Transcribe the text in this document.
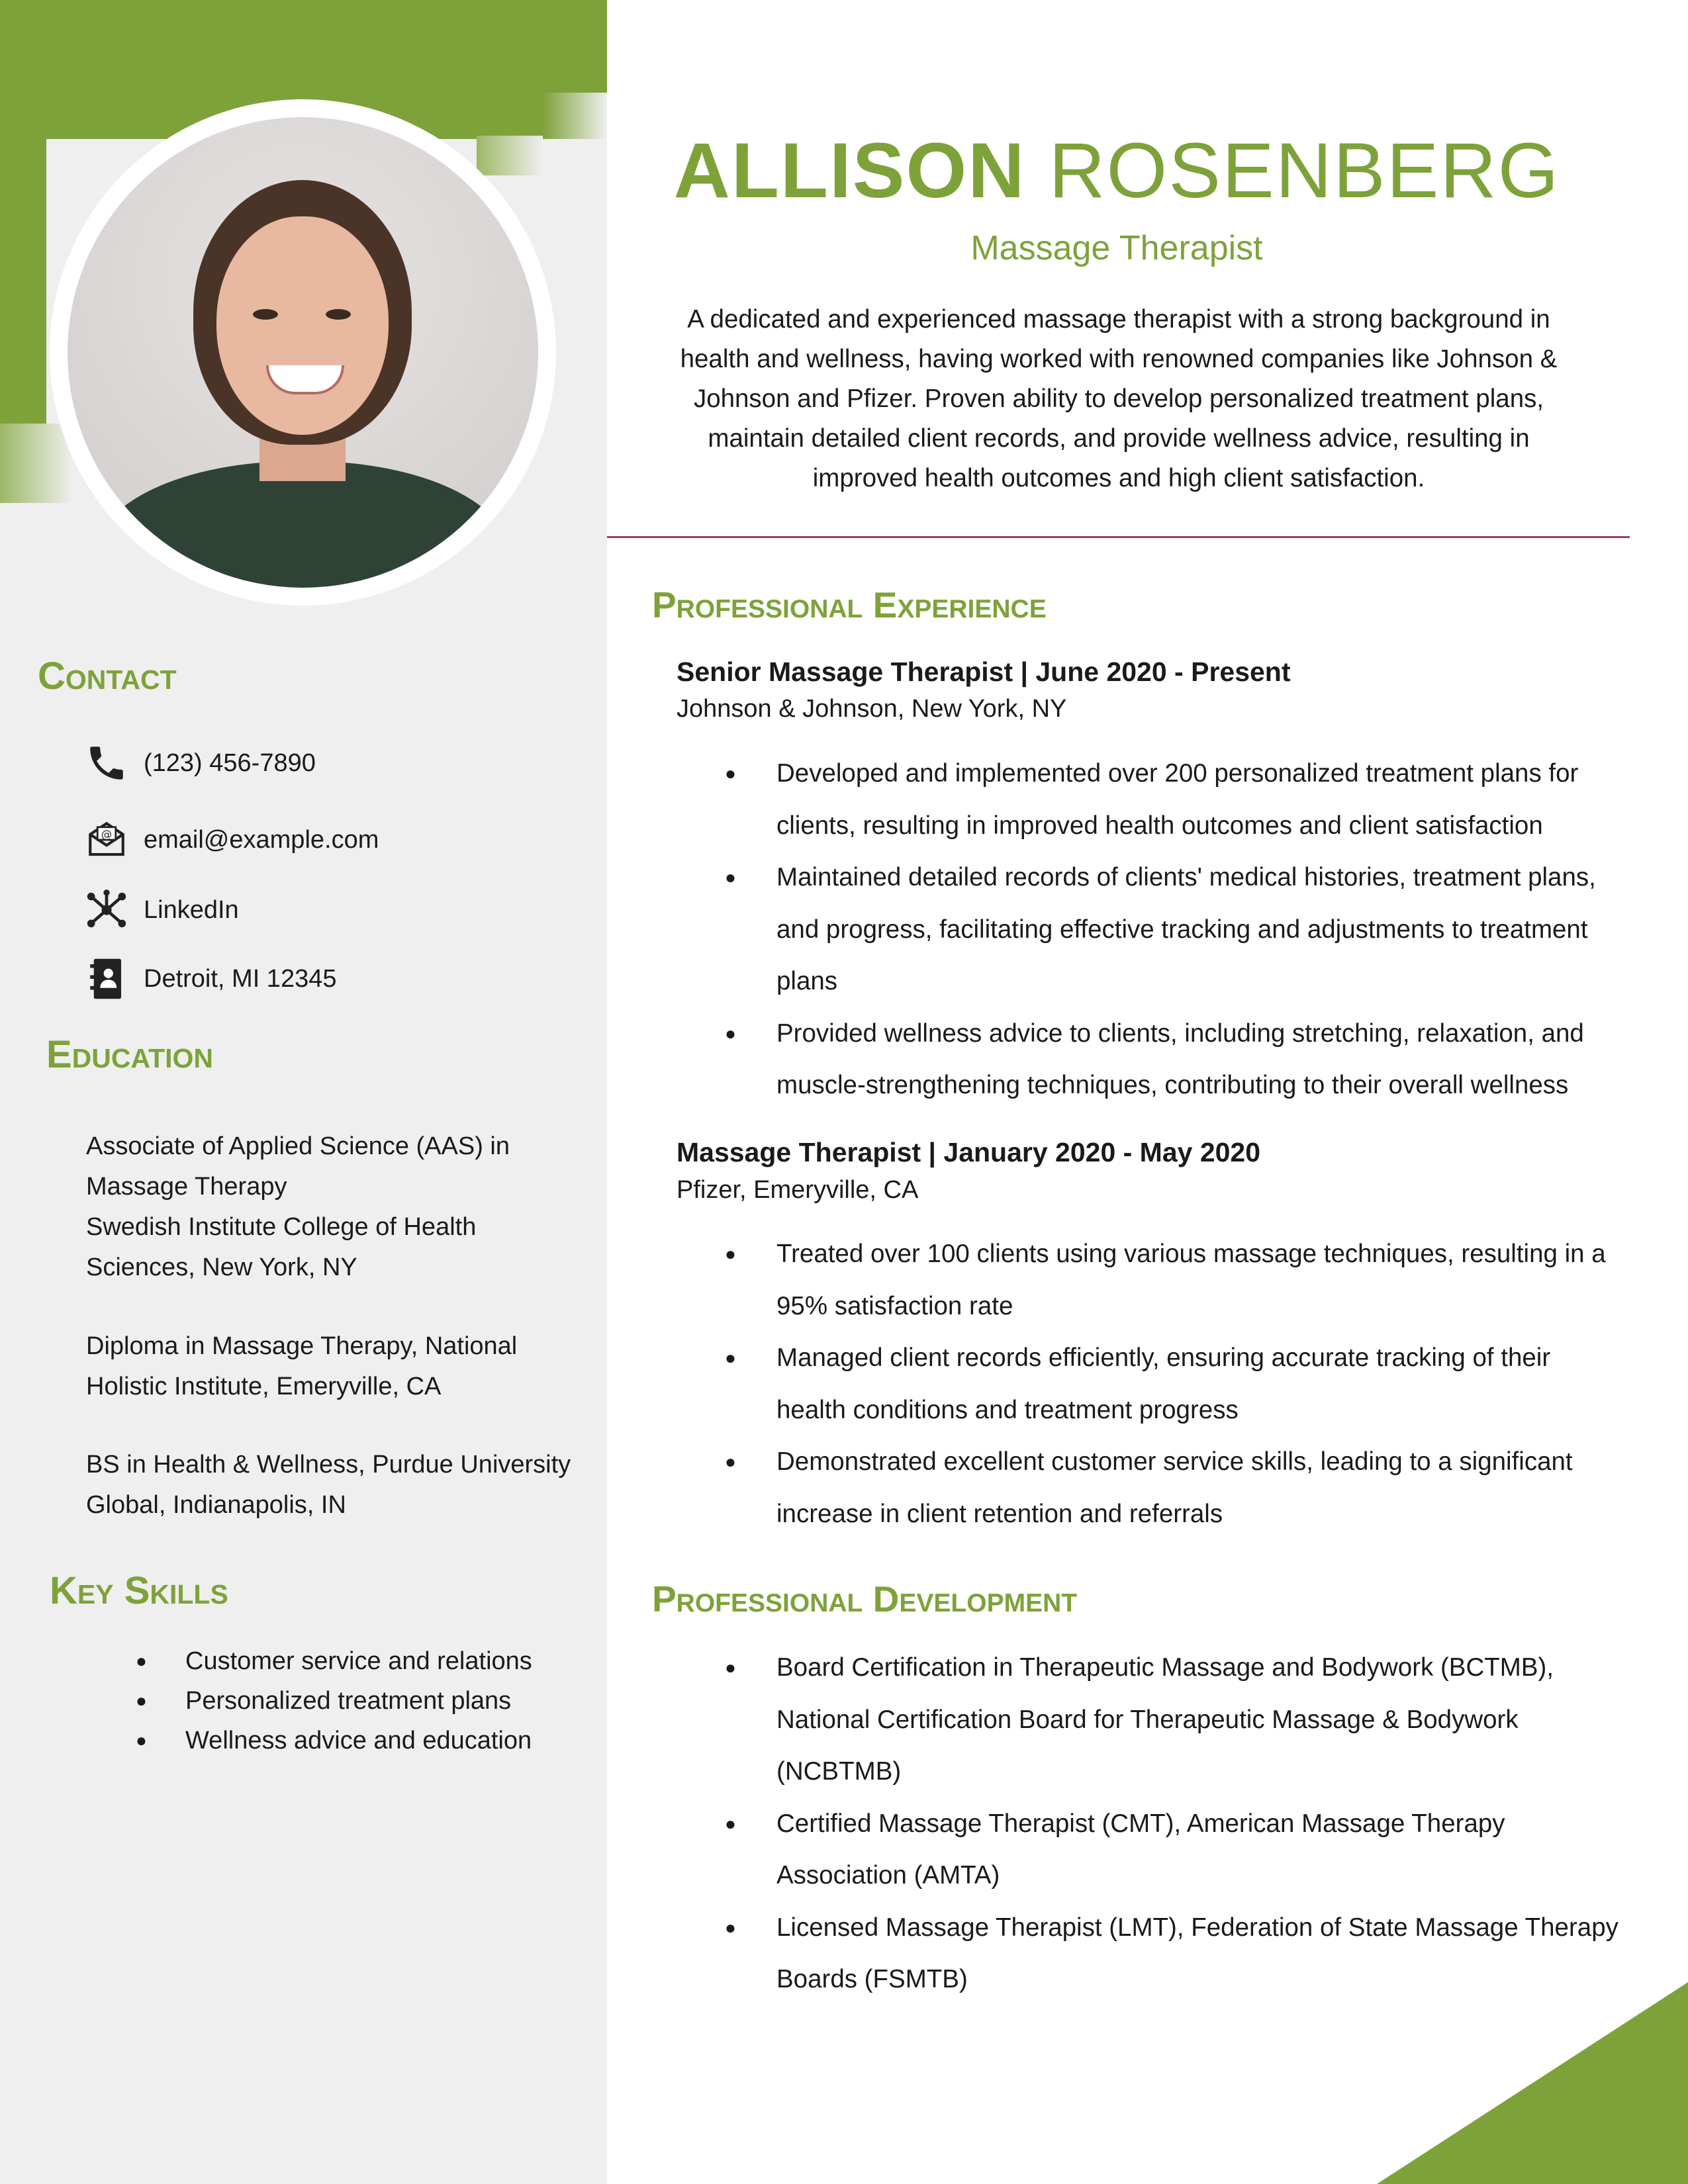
Contact
(123) 456-7890
@ email@example.com
LinkedIn
Detroit, MI 12345
Education
Associate of Applied Science (AAS) in
Massage Therapy
Swedish Institute College of Health
Sciences, New York, NY
Diploma in Massage Therapy, National
Holistic Institute, Emeryville, CA
BS in Health & Wellness, Purdue University
Global, Indianapolis, IN
Key Skills
● Customer service and relations
● Personalized treatment plans
● Wellness advice and education
ALLISON ROSENBERG
Massage Therapist
A dedicated and experienced massage therapist with a strong background in health and wellness, having worked with renowned companies like Johnson & Johnson and Pfizer. Proven ability to develop personalized treatment plans, maintain detailed client records, and provide wellness advice, resulting in improved health outcomes and high client satisfaction.
Professional Experience
Senior Massage Therapist | June 2020 - Present
Johnson & Johnson, New York, NY
● Developed and implemented over 200 personalized treatment plans for clients, resulting in improved health outcomes and client satisfaction
● Maintained detailed records of clients' medical histories, treatment plans, and progress, facilitating effective tracking and adjustments to treatment plans
● Provided wellness advice to clients, including stretching, relaxation, and muscle-strengthening techniques, contributing to their overall wellness
Massage Therapist | January 2020 - May 2020
Pfizer, Emeryville, CA
● Treated over 100 clients using various massage techniques, resulting in a 95% satisfaction rate
● Managed client records efficiently, ensuring accurate tracking of their health conditions and treatment progress
● Demonstrated excellent customer service skills, leading to a significant increase in client retention and referrals
Professional Development
● Board Certification in Therapeutic Massage and Bodywork (BCTMB), National Certification Board for Therapeutic Massage & Bodywork (NCBTMB)
● Certified Massage Therapist (CMT), American Massage Therapy Association (AMTA)
● Licensed Massage Therapist (LMT), Federation of State Massage Therapy Boards (FSMTB)
